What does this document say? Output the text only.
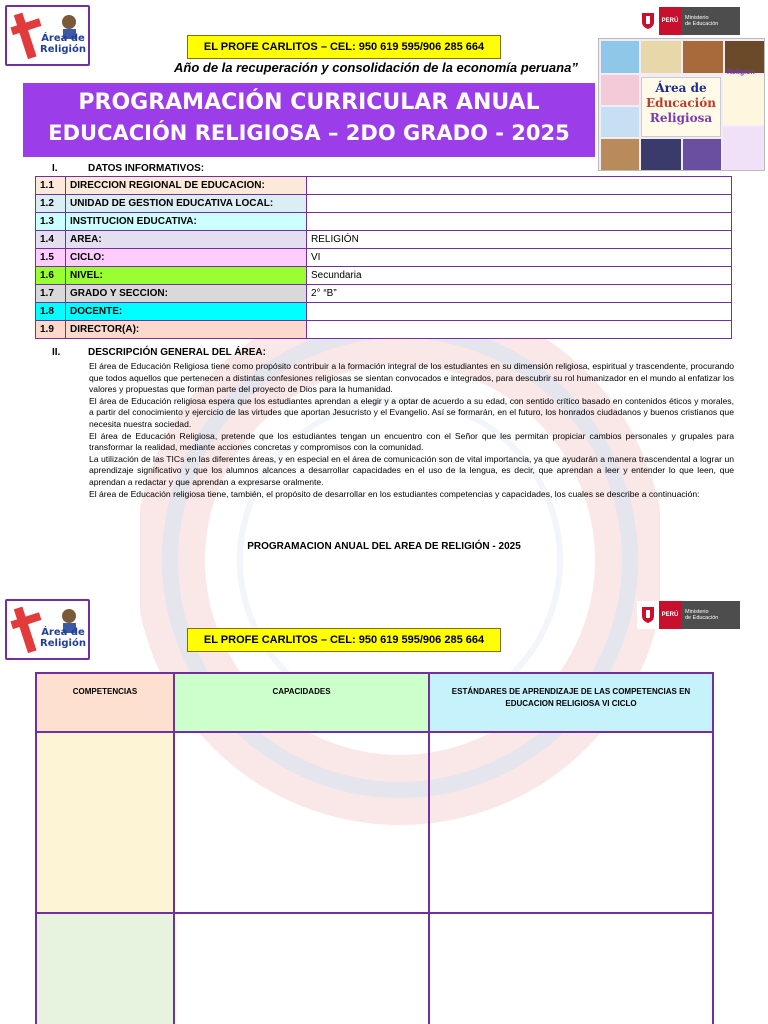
Área de Religión	EL PROFE CARLITOS – CEL: 950 619 595/906 285 664
Año de la recuperación y consolidación de la economía peruana”
PERÚ
Ministerio
de Educación
PROGRAMACIÓN CURRICULAR ANUAL
EDUCACIÓN RELIGIOSA – 2DO GRADO - 2025
Área de
Educación
Religiosa
Religión
I.	DATOS INFORMATIVOS:
1.1	DIRECCION REGIONAL DE EDUCACION:	
1.2	UNIDAD DE GESTION EDUCATIVA LOCAL:	
1.3	INSTITUCION EDUCATIVA:	
1.4	AREA:	RELIGIÓN
1.5	CICLO:	VI
1.6	NIVEL:	Secundaria
1.7	GRADO Y SECCION:	2° “B”
1.8	DOCENTE:	
1.9	DIRECTOR(A):	
II.	DESCRIPCIÓN GENERAL DEL ÁREA:

El área de Educación Religiosa tiene como propósito contribuir a la formación integral de los estudiantes en su dimensión religiosa, espiritual y trascendente, procurando que todos aquellos que pertenecen a distintas confesiones religiosas se sientan convocados e integrados, para descubrir su rol humanizador en el mundo al enfatizar los valores y propuestas que forman parte del proyecto de Dios para la humanidad.

El área de Educación religiosa espera que los estudiantes aprendan a elegir y a optar de acuerdo a su edad, con sentido crítico basado en contenidos éticos y morales, a partir del conocimiento y ejercicio de las virtudes que aportan Jesucristo y el Evangelio. Así se formarán, en el futuro, los honrados ciudadanos y buenos cristianos que necesita nuestra sociedad.

El área de Educación Religiosa, pretende que los estudiantes tengan un encuentro con el Señor que les permitan propiciar cambios personales y grupales para transformar la realidad, mediante acciones concretas y compromisos con la comunidad.

La utilización de las TICs en las diferentes áreas, y en especial en el área de comunicación son de vital importancia, ya que ayudarán a manera trascendental a lograr un aprendizaje significativo y que los alumnos alcances a desarrollar capacidades en el uso de la lengua, es decir, que aprendan a leer y entender lo que leen, que aprendan a redactar y que aprendan a expresarse oralmente.

El área de Educación religiosa tiene, también, el propósito de desarrollar en los estudiantes competencias y capacidades, los cuales se describe a continuación:

PROGRAMACION ANUAL DEL AREA DE RELIGIÓN - 2025
Área de Religión	EL PROFE CARLITOS – CEL: 950 619 595/906 285 664
PERÚ
Ministerio
de Educación
COMPETENCIAS	CAPACIDADES	ESTÁNDARES DE APRENDIZAJE DE LAS COMPETENCIAS EN EDUCACION RELIGIOSA VI CICLO
